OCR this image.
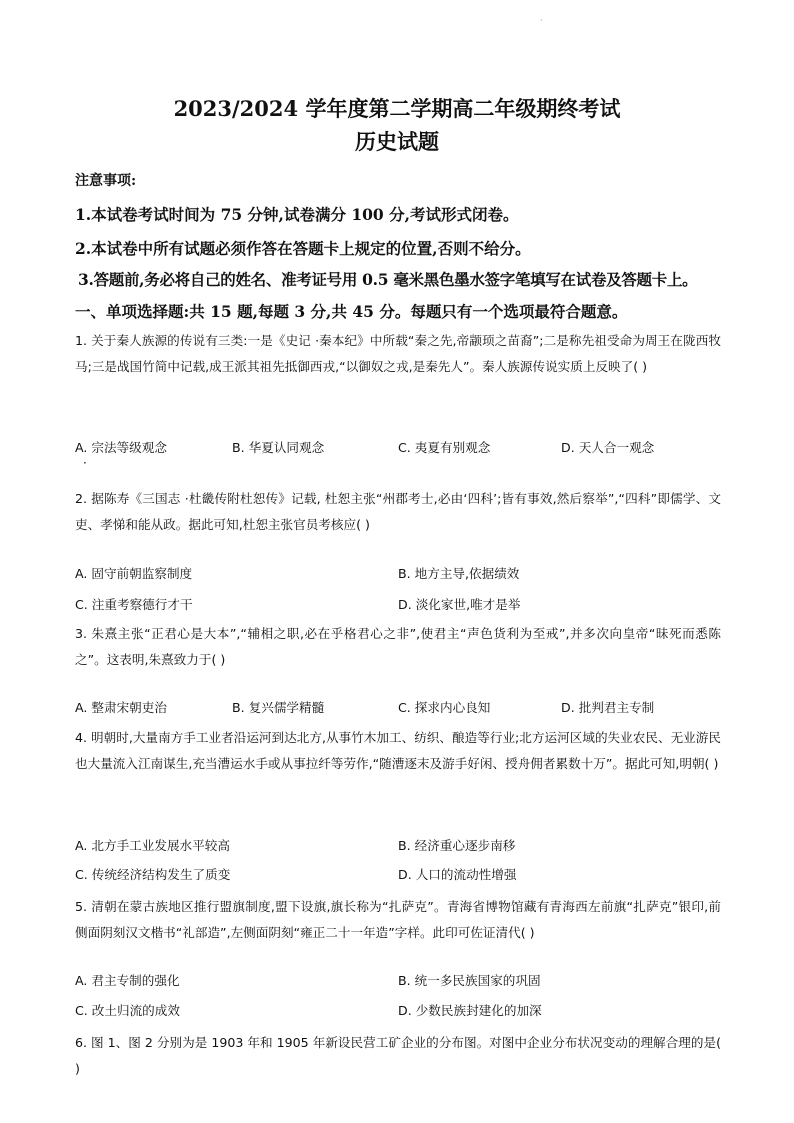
·
2023/2024 学年度第二学期高二年级期终考试
历史试题
注意事项:
1.本试卷考试时间为 75 分钟,试卷满分 100 分,考试形式闭卷。
2.本试卷中所有试题必须作答在答题卡上规定的位置,否则不给分。
3.答题前,务必将自己的姓名、准考证号用 0.5 毫米黑色墨水签字笔填写在试卷及答题卡上。
一、单项选择题:共 15 题,每题 3 分,共 45 分。每题只有一个选项最符合题意。
1. 关于秦人族源的传说有三类:一是《史记 ·秦本纪》中所载“秦之先,帝颛顼之苗裔”;二是称先祖受命为周王在陇西牧马;三是战国竹简中记载,成王派其祖先抵御西戎,“以御奴之戎,是秦先人”。秦人族源传说实质上反映了( )
A. 宗法等级观念	B. 华夏认同观念	C. 夷夏有别观念	D. 天人合一观念
·
2. 据陈寿《三国志 ·杜畿传附杜恕传》记载, 杜恕主张“州郡考士,必由‘四科’;皆有事效,然后察举”,“四科”即儒学、文吏、孝悌和能从政。据此可知,杜恕主张官员考核应( )
A. 固守前朝监察制度	B. 地方主导,依据绩效
C. 注重考察德行才干	D. 淡化家世,唯才是举
3. 朱熹主张“正君心是大本”,“辅相之职,必在乎格君心之非”,使君主“声色货利为至戒”,并多次向皇帝“昧死而悉陈之”。这表明,朱熹致力于( )
A. 整肃宋朝吏治	B. 复兴儒学精髓	C. 探求内心良知	D. 批判君主专制
4. 明朝时,大量南方手工业者沿运河到达北方,从事竹木加工、纺织、酿造等行业;北方运河区域的失业农民、无业游民也大量流入江南谋生,充当漕运水手或从事拉纤等劳作,“随漕逐末及游手好闲、授舟佣者累数十万”。据此可知,明朝( )
A. 北方手工业发展水平较高	B. 经济重心逐步南移
C. 传统经济结构发生了质变	D. 人口的流动性增强
5. 清朝在蒙古族地区推行盟旗制度,盟下设旗,旗长称为“扎萨克”。青海省博物馆藏有青海西左前旗“扎萨克”银印,前侧面阴刻汉文楷书“礼部造”,左侧面阴刻“雍正二十一年造”字样。此印可佐证清代( )
A. 君主专制的强化	B. 统一多民族国家的巩固
C. 改土归流的成效	D. 少数民族封建化的加深
6. 图 1、图 2 分别为是 1903 年和 1905 年新设民营工矿企业的分布图。对图中企业分布状况变动的理解合理的是( )
